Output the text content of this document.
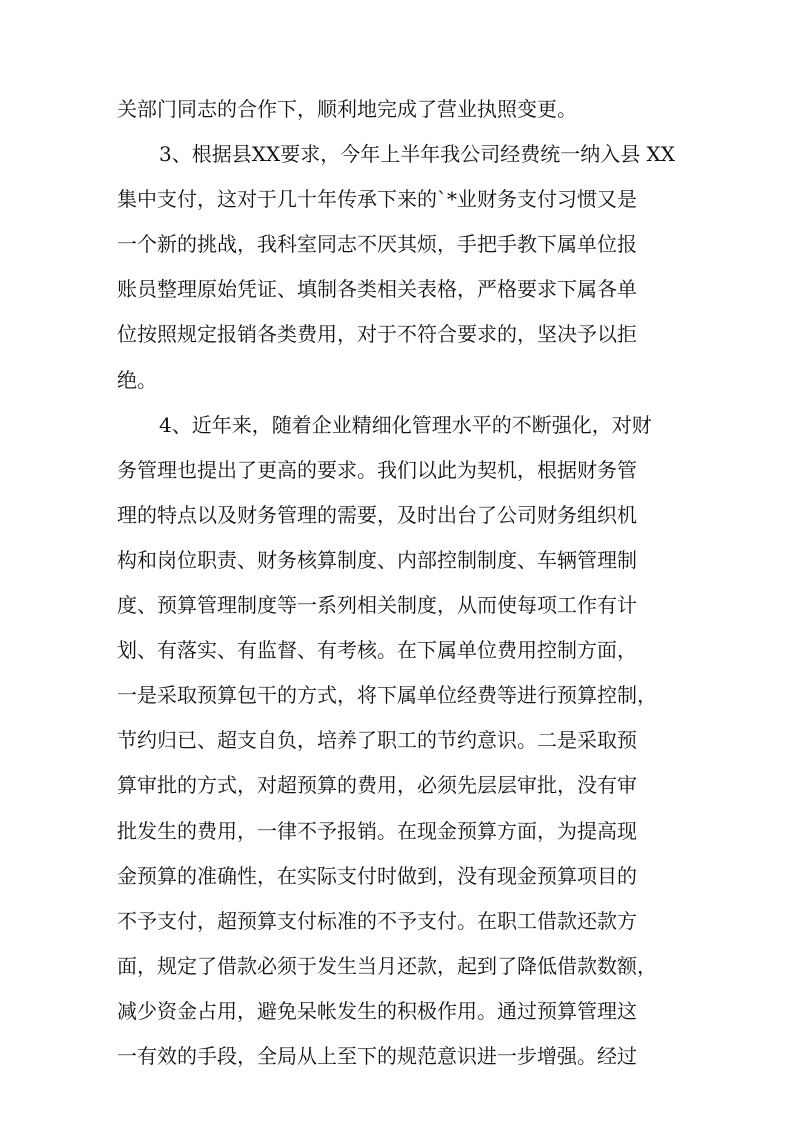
关部门同志的合作下，顺利地完成了营业执照变更。
3、根据县XX要求，今年上半年我公司经费统一纳入县 XX
集中支付，这对于几十年传承下来的`*业财务支付习惯又是
一个新的挑战，我科室同志不厌其烦，手把手教下属单位报
账员整理原始凭证、填制各类相关表格，严格要求下属各单
位按照规定报销各类费用，对于不符合要求的，坚决予以拒
绝。
4、近年来，随着企业精细化管理水平的不断强化，对财
务管理也提出了更高的要求。我们以此为契机，根据财务管
理的特点以及财务管理的需要，及时出台了公司财务组织机
构和岗位职责、财务核算制度、内部控制制度、车辆管理制
度、预算管理制度等一系列相关制度，从而使每项工作有计
划、有落实、有监督、有考核。在下属单位费用控制方面，
一是采取预算包干的方式，将下属单位经费等进行预算控制，
节约归已、超支自负，培养了职工的节约意识。二是采取预
算审批的方式，对超预算的费用，必须先层层审批，没有审
批发生的费用，一律不予报销。在现金预算方面，为提高现
金预算的准确性，在实际支付时做到，没有现金预算项目的
不予支付，超预算支付标准的不予支付。在职工借款还款方
面，规定了借款必须于发生当月还款，起到了降低借款数额，
减少资金占用，避免呆帐发生的积极作用。通过预算管理这
一有效的手段，全局从上至下的规范意识进一步增强。经过
